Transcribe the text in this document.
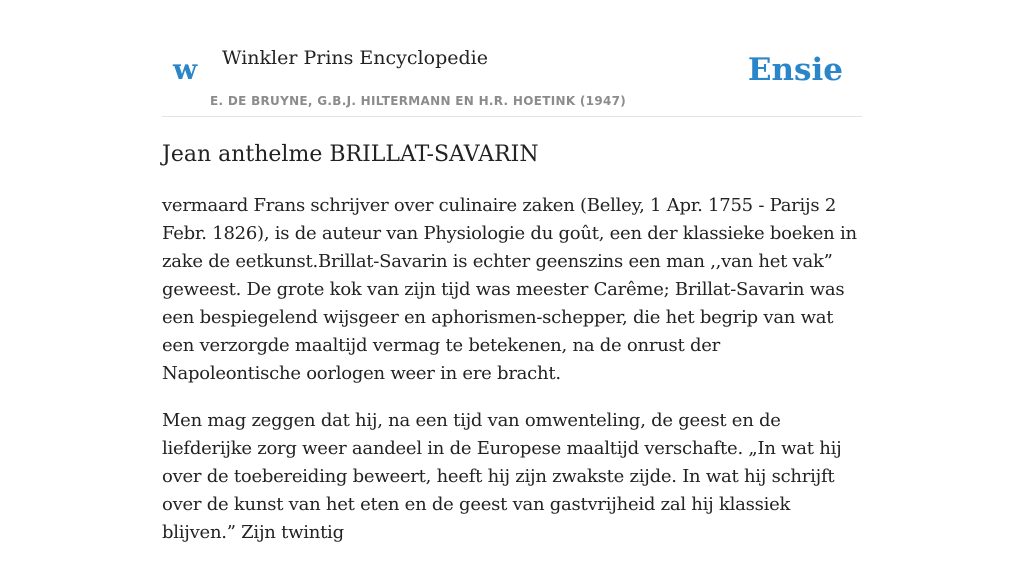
w Winkler Prins Encyclopedie
E. DE BRUYNE, G.B.J. HILTERMANN EN H.R. HOETINK (1947)
Ensie
Jean anthelme BRILLAT-SAVARIN

vermaard Frans schrijver over culinaire zaken (Belley, 1 Apr. 1755 - Parijs 2 Febr. 1826), is de auteur van Physiologie du goût, een der klassieke boeken in zake de eetkunst.Brillat-Savarin is echter geenszins een man ,,van het vak” geweest. De grote kok van zijn tijd was meester Carême; Brillat-Savarin was een bespiegelend wijsgeer en aphorismen-schepper, die het begrip van wat een verzorgde maaltijd vermag te betekenen, na de onrust der Napoleontische oorlogen weer in ere bracht.

Men mag zeggen dat hij, na een tijd van omwenteling, de geest en de liefderijke zorg weer aandeel in de Europese maaltijd verschafte. „In wat hij over de toebereiding beweert, heeft hij zijn zwakste zijde. In wat hij schrijft over de kunst van het eten en de geest van gastvrijheid zal hij klassiek blijven.” Zijn twintig
